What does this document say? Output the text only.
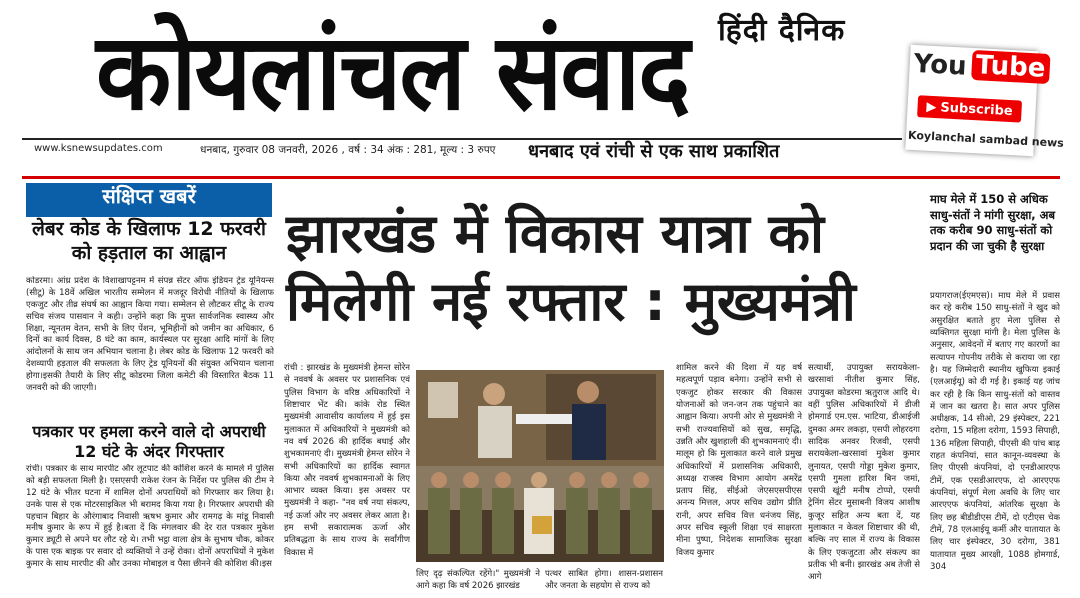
हिंदी दैनिक
कोयलांचल संवाद	You Tube
▶ Subscribe
Koylanchal sambad news
www.ksnewsupdates.com	धनबाद, गुरुवार 08 जनवरी, 2026 , वर्ष : 34 अंक : 281, मूल्य : 3 रुपए धनबाद एवं रांची से एक साथ प्रकाशित
संक्षिप्त खबरें
लेबर कोड के खिलाफ 12 फरवरी को हड़ताल का आह्वान
कोडरमा। आंध्र प्रदेश के विशाखापट्टनम में संपन्न सेंटर ऑफ इंडियन ट्रेड यूनियन्स (सीटू) के 18वें अखिल भारतीय सम्मेलन में मजदूर विरोधी नीतियों के खिलाफ एकजुट और तीव्र संघर्ष का आह्वान किया गया। सम्मेलन से लौटकर सीटू के राज्य सचिव संजय पासवान ने कही। उन्होंने कहा कि मुफ्त सार्वजनिक स्वास्थ्य और शिक्षा, न्यूनतम वेतन, सभी के लिए पेंशन, भूमिहीनों को जमीन का अधिकार, 6 दिनों का कार्य दिवस, 8 घंटे का काम, कार्यस्थल पर सुरक्षा आदि मांगों के लिए आंदोलनों के साथ जन अभियान चलाना है। लेबर कोड के खिलाफ 12 फरवरी को देशव्यापी हड़ताल की सफलता के लिए ट्रेड यूनियनों की संयुक्त अभियान चलाना होगा।इसकी तैयारी के लिए सीटू कोडरमा जिला कमेटी की विस्तारित बैठक 11 जनवरी को की जाएगी।
पत्रकार पर हमला करने वाले दो अपराधी 12 घंटे के अंदर गिरफ्तार
रांची। पत्रकार के साथ मारपीट और लूटपाट की कोशिश करने के मामले में पुलिस को बड़ी सफलता मिली है। एसएसपी राकेश रंजन के निर्देश पर पुलिस की टीम ने 12 घंटे के भीतर घटना में शामिल दोनों अपराधियों को गिरफ्तार कर लिया है। उनके पास से एक मोटरसाइकिल भी बरामद किया गया है। गिरफ्तार अपराधी की पहचान बिहार के औरंगाबाद निवासी ऋषभ कुमार और रामगढ़ के मांडू निवासी मनीष कुमार के रूप में हुई है।बता दें कि मंगलवार की देर रात पत्रकार मुकेश कुमार ड्यूटी से अपने घर लौट रहे थे। तभी भट्ठा वाला क्षेत्र के सुभाष चौक, कोकर के पास एक बाइक पर सवार दो व्यक्तियों ने उन्हें रोका। दोनों अपराधियों ने मुकेश कुमार के साथ मारपीट की और उनका मोबाइल व पैसा छीनने की कोशिश की।इस
झारखंड में विकास यात्रा को मिलेगी नई रफ्तार : मुख्यमंत्री
रांची : झारखंड के मुख्यमंत्री हेमन्त सोरेन से नववर्ष के अवसर पर प्रशासनिक एवं पुलिस विभाग के वरिष्ठ अधिकारियों ने शिष्टाचार भेंट की। कांके रोड स्थित मुख्यमंत्री आवासीय कार्यालय में हुई इस मुलाकात में अधिकारियों ने मुख्यमंत्री को नव वर्ष 2026 की हार्दिक बधाई और शुभकामनाएं दी। मुख्यमंत्री हेमन्त सोरेन ने सभी अधिकारियों का हार्दिक स्वागत किया और नववर्ष शुभकामनाओं के लिए आभार व्यक्त किया। इस अवसर पर मुख्यमंत्री ने कहा- "नव वर्ष नया संकल्प, नई ऊर्जा और नए अवसर लेकर आता है। हम सभी सकारात्मक ऊर्जा और प्रतिबद्धता के साथ राज्य के सर्वांगीण विकास में
लिए दृढ़ संकल्पित रहेंगे।" मुख्यमंत्री ने आगे कहा कि वर्ष 2026 झारखंड
पत्थर साबित होगा। शासन-प्रशासन और जनता के सहयोग से राज्य को
शामिल करने की दिशा में यह वर्ष महत्वपूर्ण पड़ाव बनेगा। उन्होंने सभी से एकजुट होकर सरकार की विकास योजनाओं को जन-जन तक पहुंचाने का आह्वान किया। अपनी ओर से मुख्यमंत्री ने सभी राज्यवासियों को सुख, समृद्धि, उन्नति और खुशहाली की शुभकामनाएं दी। मालूम हो कि मुलाकात करने वाले प्रमुख अधिकारियों में प्रशासनिक अधिकारी, अध्यक्ष राजस्व विभाग आयोग अमरेंद्र प्रताप सिंह, सीईओ जेएसएसपीएस अनन्य मित्तल, अपर सचिव उद्योग प्रीति रानी, अपर सचिव वित्त धनंजय सिंह, अपर सचिव स्कूली शिक्षा एवं साक्षरता मीना पुष्पा, निदेशक सामाजिक सुरक्षा विजय कुमार
सत्यार्थी, उपायुक्त सरायकेला-खरसावां नीतीश कुमार सिंह, उपायुक्त कोडरमा ऋतुराज आदि थे। वहीं पुलिस अधिकारियों में डीजी होमगार्ड एम.एस. भाटिया, डीआईजी दुमका अमर लकड़ा, एसपी लोहरदगा सादिक अनवर रिजवी, एसपी सरायकेला-खरसावां मुकेश कुमार लुनायत, एसपी गोड्डा मुकेश कुमार, एसपी गुमला हारिश बिन जमां, एसपी खूंटी मनीष टोप्पो, एसपी ट्रेनिंग सेंटर मुसाबनी विजय आशीष कुजूर सहित अन्य बता दें, यह मुलाकात न केवल शिष्टाचार की थी, बल्कि नए साल में राज्य के विकास के लिए एकजुटता और संकल्प का प्रतीक भी बनी। झारखंड अब तेजी से आगे
माघ मेले में 150 से अधिक साधु-संतों ने मांगी सुरक्षा, अब तक करीब 90 साधु-संतों को प्रदान की जा चुकी है सुरक्षा
प्रयागराज(ईएमएस)। माघ मेले में प्रवास कर रहे करीब 150 साधु-संतों ने खुद को असुरक्षित बताते हुए मेला पुलिस से व्यक्तिगत सुरक्षा मांगी है। मेला पुलिस के अनुसार, आवेदनों में बताए गए कारणों का सत्यापन गोपनीय तरीके से कराया जा रहा है। यह जिम्मेदारी स्थानीय खुफिया इकाई (एलआईयू) को दी गई है। इकाई यह जांच कर रही है कि किन साधु-संतों को वास्तव में जान का खतरा है। सात अपर पुलिस अधीक्षक, 14 सीओ, 29 इंस्पेक्टर, 221 दरोगा, 15 महिला दरोगा, 1593 सिपाही, 136 महिला सिपाही, पीएसी की पांच बाढ़ राहत कंपनियां, सात कानून-व्यवस्था के लिए पीएसी कंपनियां, दो एनडीआरएफ टीमें, एक एसडीआरएफ, दो आरएएफ कंपनियां, संपूर्ण मेला अवधि के लिए चार आरएएफ कंपनियां, आंतरिक सुरक्षा के लिए छह बीडीडीएस टीमें, दो एटीएस चेक टीमें, 78 एलआईयू कर्मी और यातायात के लिए चार इंस्पेक्टर, 30 दरोगा, 381 यातायात मुख्य आरक्षी, 1088 होमगार्ड, 304
